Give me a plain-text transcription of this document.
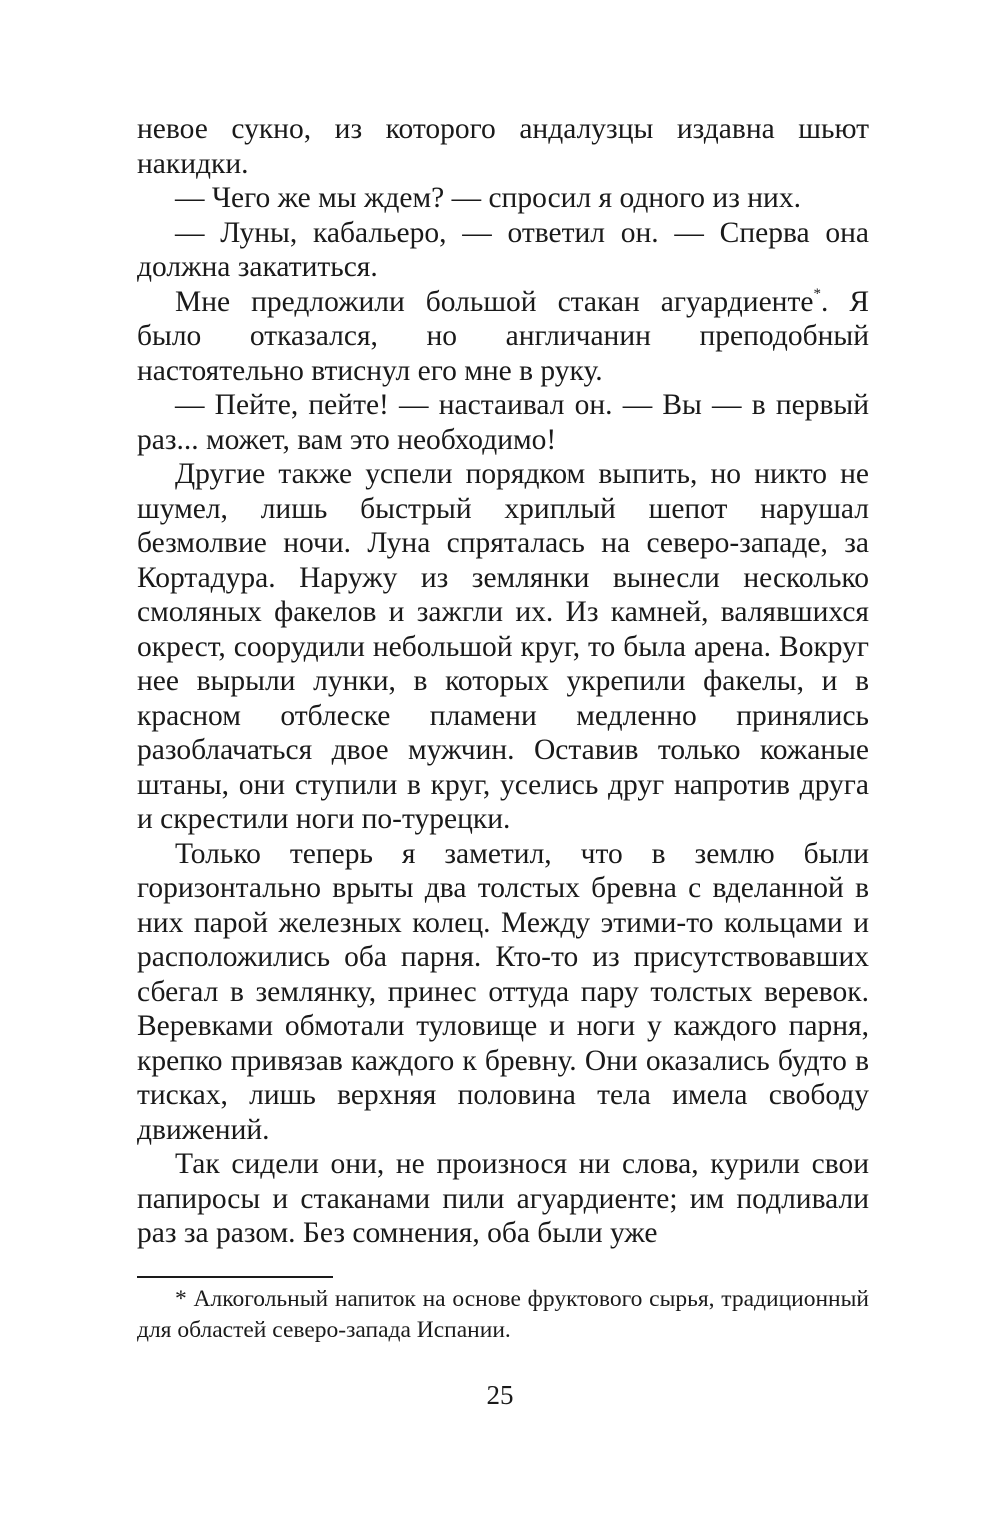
невое сукно, из которого андалузцы издавна шьют накидки.

— Чего же мы ждем? — спросил я одного из них.

— Луны, кабальеро, — ответил он. — Сперва она должна закатиться.

Мне предложили большой стакан агуардиенте*. Я было отказался, но англичанин преподобный настоятельно втиснул его мне в руку.

— Пейте, пейте! — настаивал он. — Вы — в первый раз... может, вам это необходимо!

Другие также успели порядком выпить, но никто не шумел, лишь быстрый хриплый шепот нарушал безмолвие ночи. Луна спряталась на северо-западе, за Кортадура. Наружу из землянки вынесли несколько смоляных факелов и зажгли их. Из камней, валявшихся окрест, соорудили небольшой круг, то была арена. Вокруг нее вырыли лунки, в которых укрепили факелы, и в красном отблеске пламени медленно принялись разоблачаться двое мужчин. Оставив только кожаные штаны, они ступили в круг, уселись друг напротив друга и скрестили ноги по-турецки.

Только теперь я заметил, что в землю были горизонтально врыты два толстых бревна с вделанной в них парой железных колец. Между этими-то кольцами и расположились оба парня. Кто-то из присутствовавших сбегал в землянку, принес оттуда пару толстых веревок. Веревками обмотали туловище и ноги у каждого парня, крепко привязав каждого к бревну. Они оказались будто в тисках, лишь верхняя половина тела имела свободу движений.

Так сидели они, не произнося ни слова, курили свои папиросы и стаканами пили агуардиенте; им подливали раз за разом. Без сомнения, оба были уже

* Алкогольный напиток на основе фруктового сырья, традиционный для областей северо-запада Испании.

25
